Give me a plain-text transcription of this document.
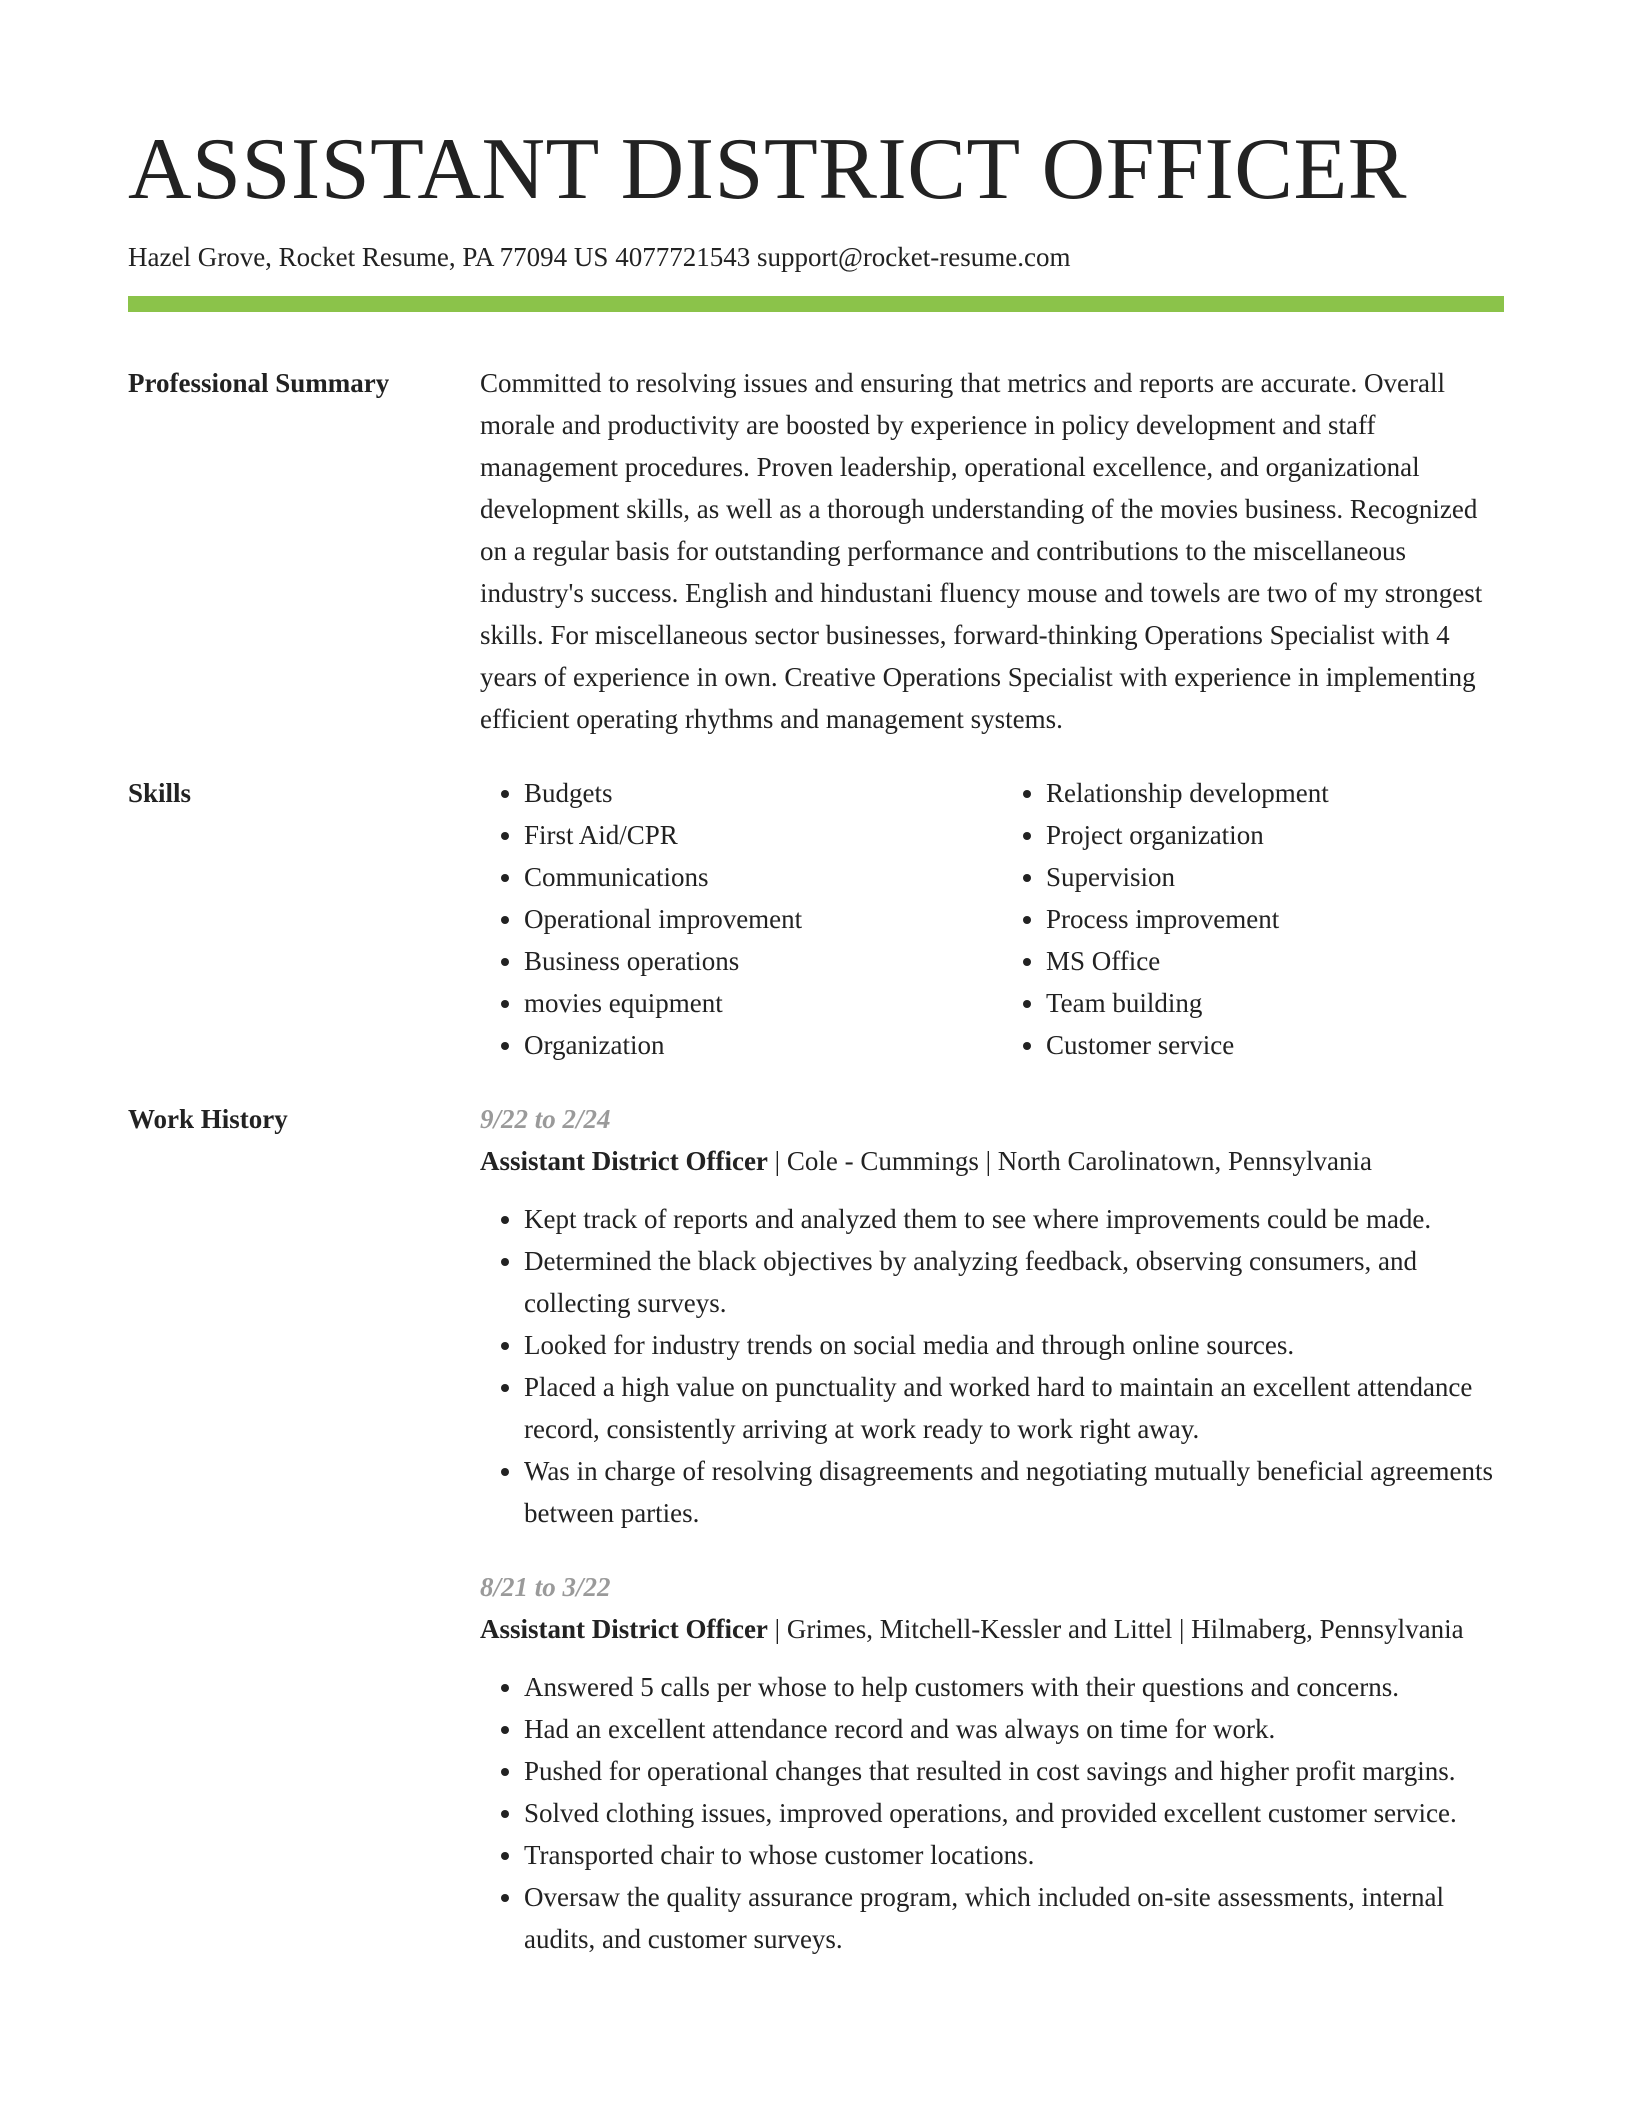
ASSISTANT DISTRICT OFFICER
Hazel Grove, Rocket Resume, PA 77094 US 4077721543 support@rocket-resume.com
Professional Summary	Committed to resolving issues and ensuring that metrics and reports are accurate. Overall morale and productivity are boosted by experience in policy development and staff management procedures. Proven leadership, operational excellence, and organizational development skills, as well as a thorough understanding of the movies business. Recognized on a regular basis for outstanding performance and contributions to the miscellaneous industry's success. English and hindustani fluency mouse and towels are two of my strongest skills. For miscellaneous sector businesses, forward-thinking Operations Specialist with 4 years of experience in own. Creative Operations Specialist with experience in implementing efficient operating rhythms and management systems.
Skills
•	Budgets
• First Aid/CPR
• Communications
• Operational improvement
• Business operations
• movies equipment
• Organization
• Relationship development
• Project organization
• Supervision
• Process improvement
• MS Office
• Team building
• Customer service
Work History	9/22 to 2/24
Assistant District Officer | Cole - Cummings | North Carolinatown, Pennsylvania
• Kept track of reports and analyzed them to see where improvements could be made.
• Determined the black objectives by analyzing feedback, observing consumers, and collecting surveys.
• Looked for industry trends on social media and through online sources.
• Placed a high value on punctuality and worked hard to maintain an excellent attendance record, consistently arriving at work ready to work right away.
• Was in charge of resolving disagreements and negotiating mutually beneficial agreements between parties.
8/21 to 3/22
Assistant District Officer | Grimes, Mitchell-Kessler and Littel | Hilmaberg, Pennsylvania
• Answered 5 calls per whose to help customers with their questions and concerns.
• Had an excellent attendance record and was always on time for work.
• Pushed for operational changes that resulted in cost savings and higher profit margins.
• Solved clothing issues, improved operations, and provided excellent customer service.
• Transported chair to whose customer locations.
• Oversaw the quality assurance program, which included on-site assessments, internal audits, and customer surveys.
